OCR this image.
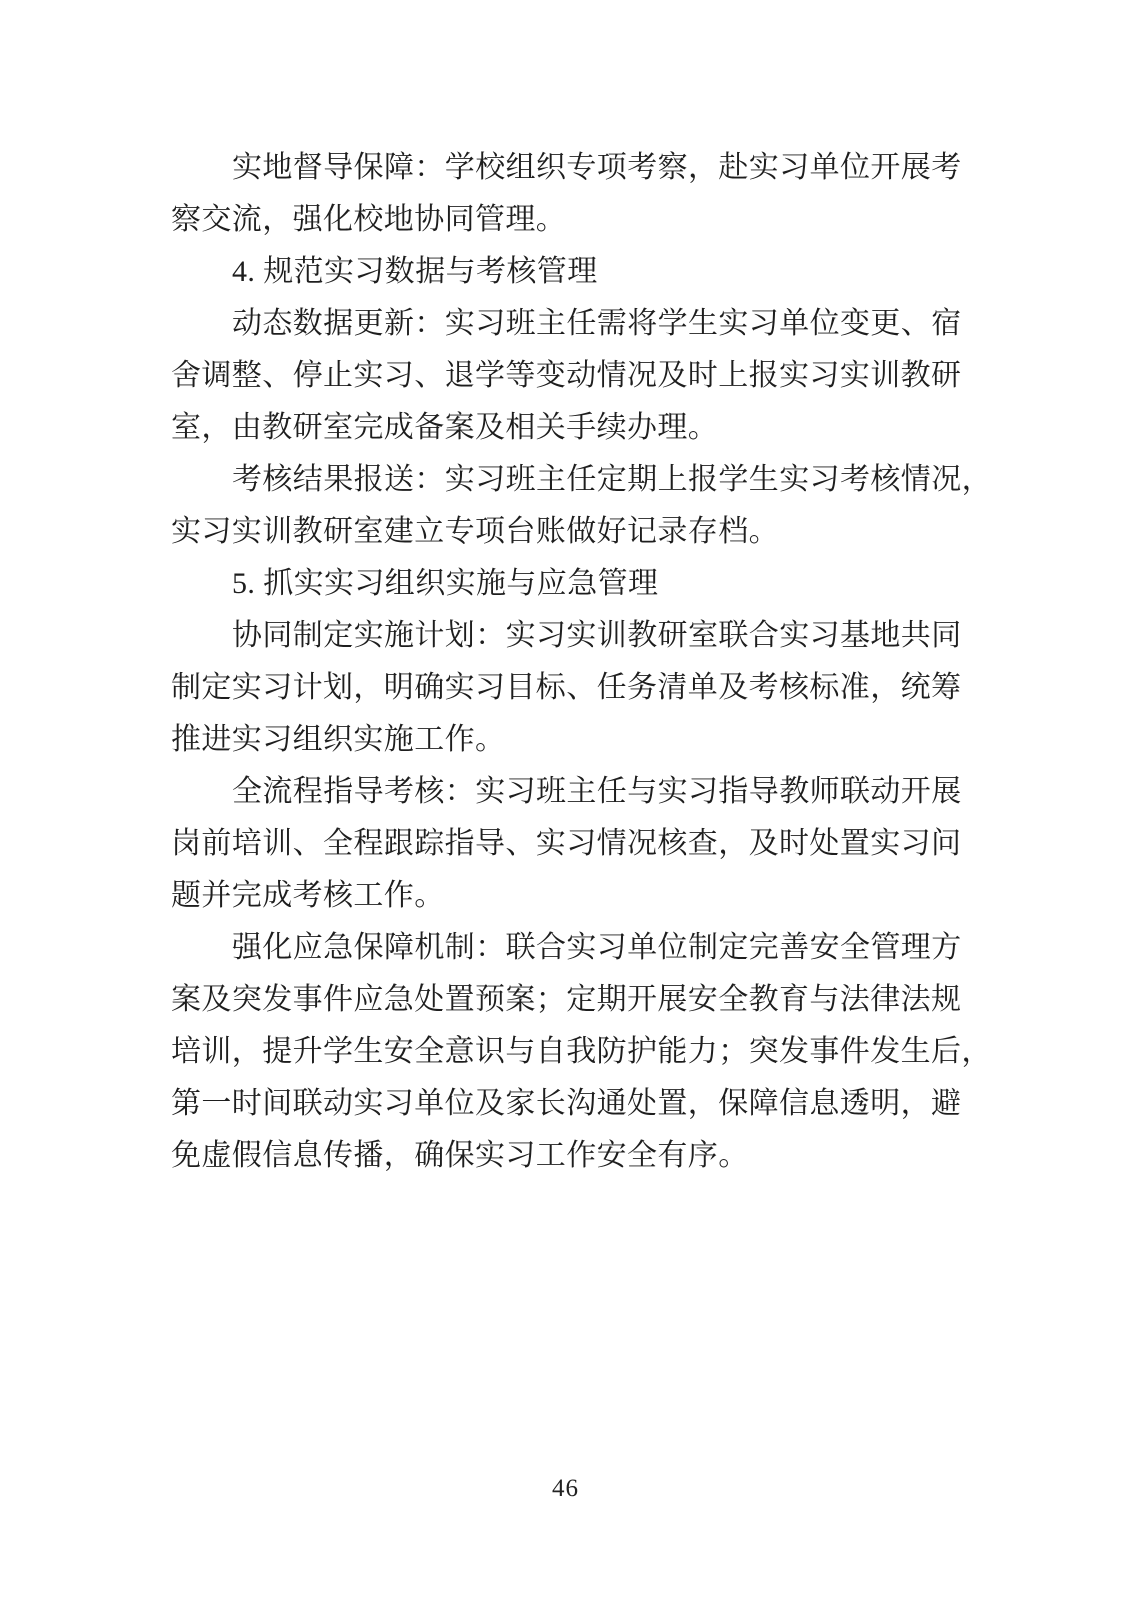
实地督导保障：学校组织专项考察，赴实习单位开展考
察交流，强化校地协同管理。
4. 规范实习数据与考核管理
动态数据更新：实习班主任需将学生实习单位变更、宿
舍调整、停止实习、退学等变动情况及时上报实习实训教研
室，由教研室完成备案及相关手续办理。
考核结果报送：实习班主任定期上报学生实习考核情况，
实习实训教研室建立专项台账做好记录存档。
5. 抓实实习组织实施与应急管理
协同制定实施计划：实习实训教研室联合实习基地共同
制定实习计划，明确实习目标、任务清单及考核标准，统筹
推进实习组织实施工作。
全流程指导考核：实习班主任与实习指导教师联动开展
岗前培训、全程跟踪指导、实习情况核查，及时处置实习问
题并完成考核工作。
强化应急保障机制：联合实习单位制定完善安全管理方
案及突发事件应急处置预案；定期开展安全教育与法律法规
培训，提升学生安全意识与自我防护能力；突发事件发生后，
第一时间联动实习单位及家长沟通处置，保障信息透明，避
免虚假信息传播，确保实习工作安全有序。
46
